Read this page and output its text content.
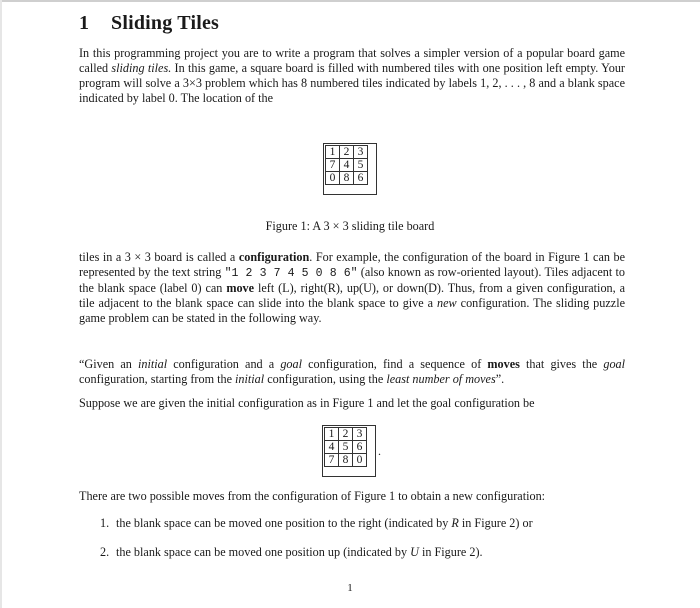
1 Sliding Tiles
In this programming project you are to write a program that solves a simpler version of a popular board game called sliding tiles. In this game, a square board is filled with numbered tiles with one position left empty. Your program will solve a 3×3 problem which has 8 numbered tiles indicated by labels 1, 2, . . . , 8 and a blank space indicated by label 0. The location of the
1	2	3
7	4	5
0	8	6
Figure 1: A 3 × 3 sliding tile board
tiles in a 3 × 3 board is called a configuration. For example, the configuration of the board in Figure 1 can be represented by the text string "1 2 3 7 4 5 0 8 6" (also known as row-oriented layout). Tiles adjacent to the blank space (label 0) can move left (L), right(R), up(U), or down(D). Thus, from a given configuration, a tile adjacent to the blank space can slide into the blank space to give a new configuration. The sliding puzzle game problem can be stated in the following way.
“Given an initial configuration and a goal configuration, find a sequence of moves that gives the goal configuration, starting from the initial configuration, using the least number of moves”.
Suppose we are given the initial configuration as in Figure 1 and let the goal configuration be
1	2	3
4	5	6
7	8	0
.
There are two possible moves from the configuration of Figure 1 to obtain a new configuration:
1. the blank space can be moved one position to the right (indicated by R in Figure 2) or
2. the blank space can be moved one position up (indicated by U in Figure 2).
1
